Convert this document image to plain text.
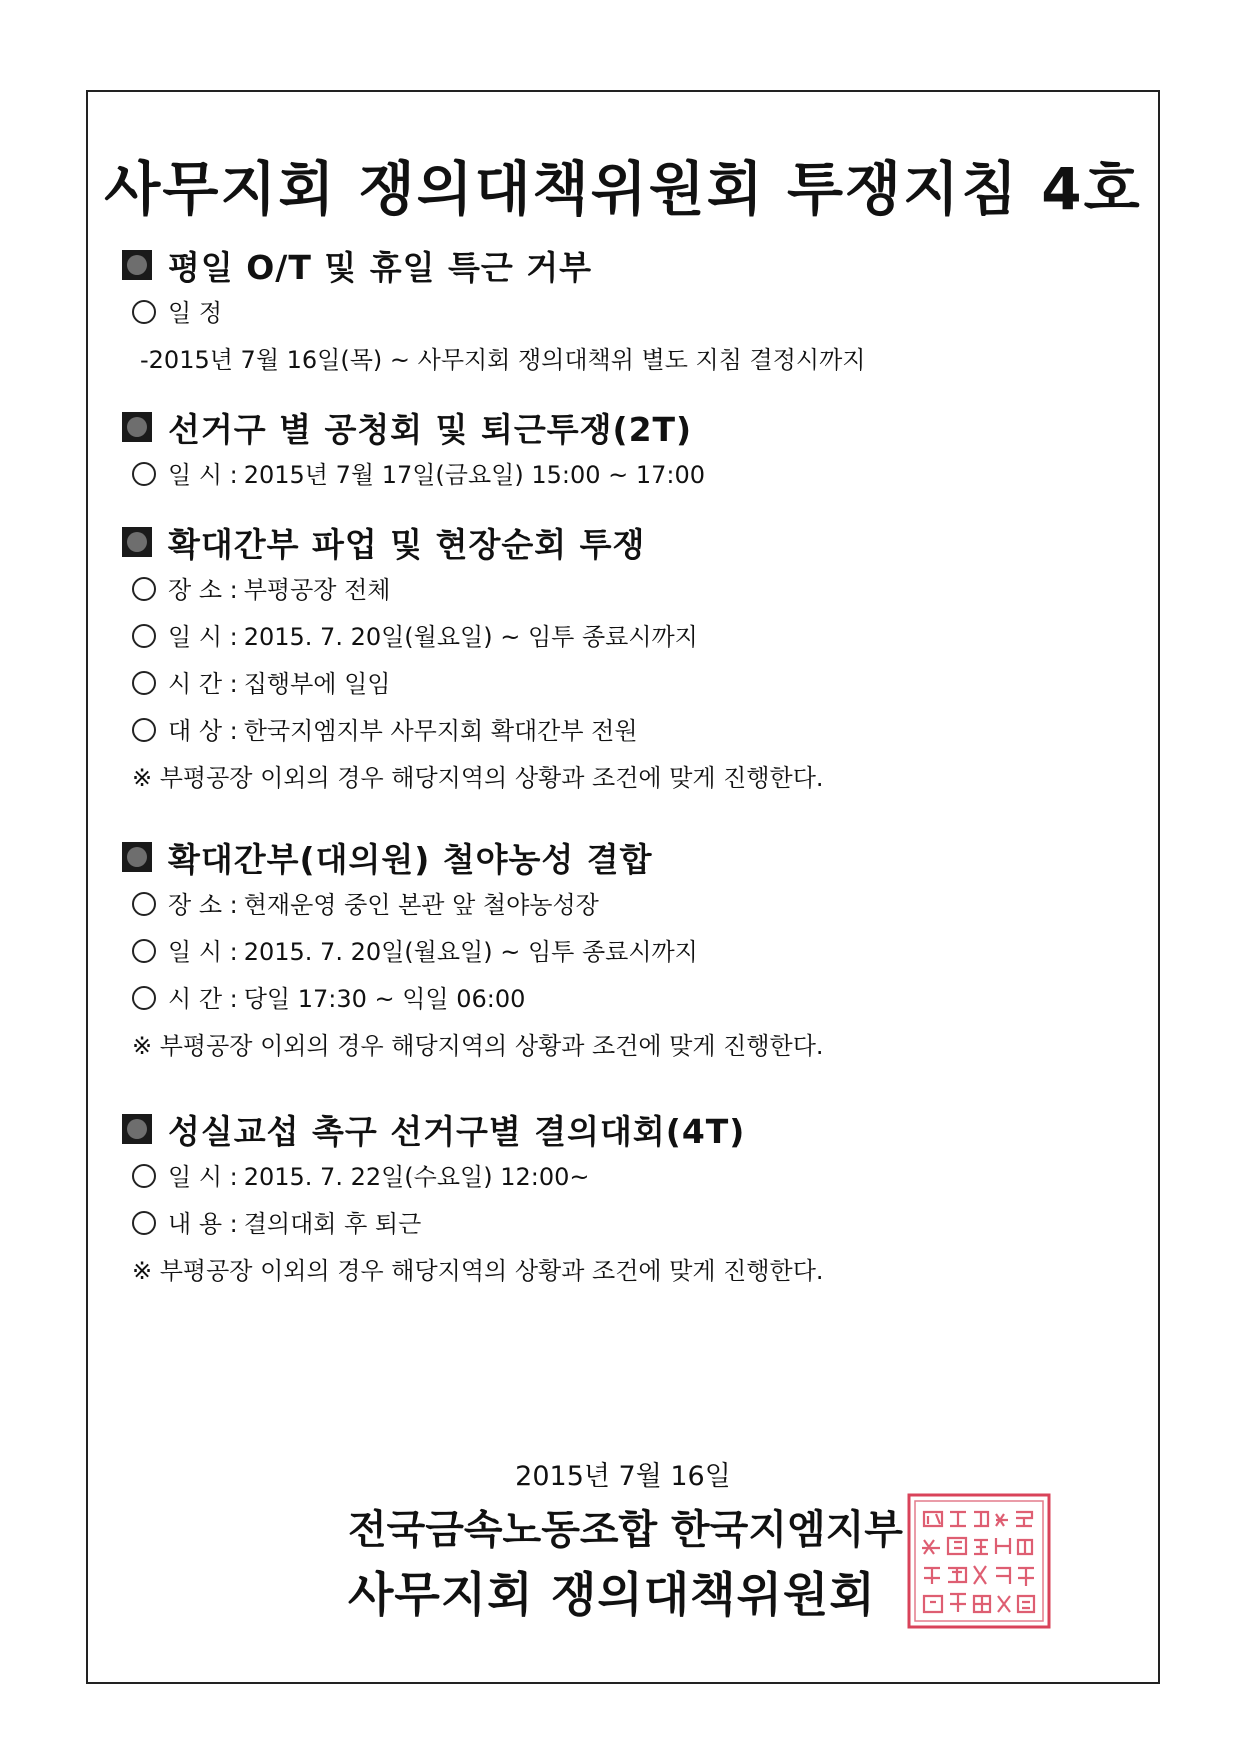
사무지회 쟁의대책위원회 투쟁지침 4호
평일 O/T 및 휴일 특근 거부
일 정
-2015년 7월 16일(목) ~ 사무지회 쟁의대책위 별도 지침 결정시까지
선거구 별 공청회 및 퇴근투쟁(2T)
일 시 : 2015년 7월 17일(금요일) 15:00 ~ 17:00
확대간부 파업 및 현장순회 투쟁
장 소 : 부평공장 전체
일 시 : 2015. 7. 20일(월요일) ~ 임투 종료시까지
시 간 : 집행부에 일임
대 상 : 한국지엠지부 사무지회 확대간부 전원
※ 부평공장 이외의 경우 해당지역의 상황과 조건에 맞게 진행한다.
확대간부(대의원) 철야농성 결합
장 소 : 현재운영 중인 본관 앞 철야농성장
일 시 : 2015. 7. 20일(월요일) ~ 임투 종료시까지
시 간 : 당일 17:30 ~ 익일 06:00
※ 부평공장 이외의 경우 해당지역의 상황과 조건에 맞게 진행한다.
성실교섭 촉구 선거구별 결의대회(4T)
일 시 : 2015. 7. 22일(수요일) 12:00~
내 용 : 결의대회 후 퇴근
※ 부평공장 이외의 경우 해당지역의 상황과 조건에 맞게 진행한다.
2015년 7월 16일
전국금속노동조합 한국지엠지부
사무지회 쟁의대책위원회
